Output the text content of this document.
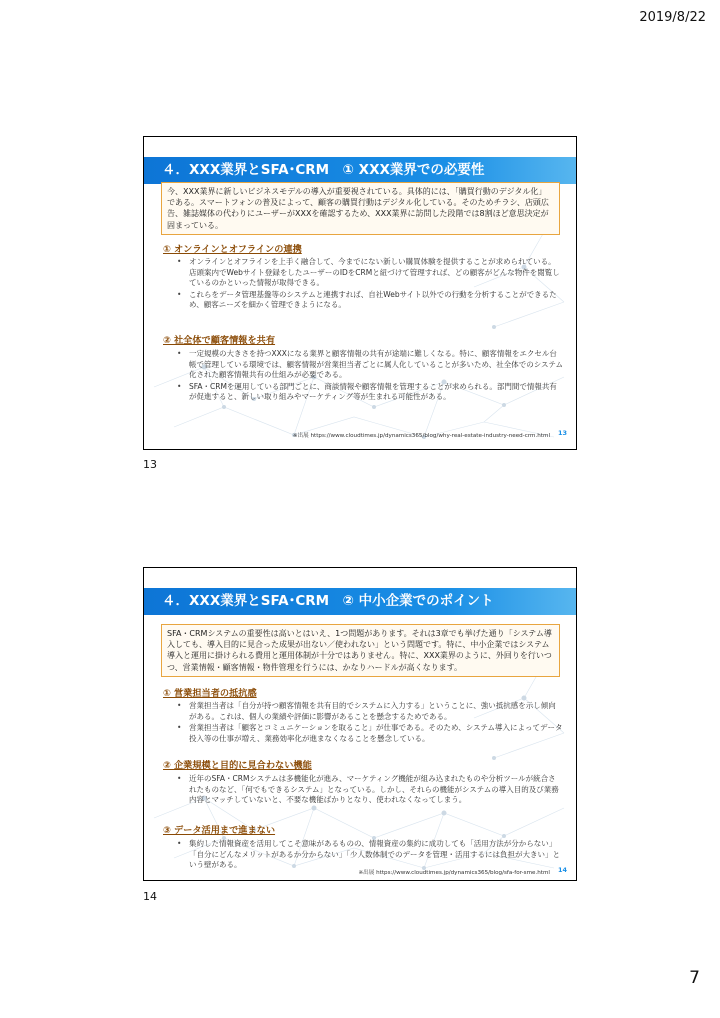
2019/8/22
４．XXX業界とSFA･CRM　① XXX業界での必要性
今、XXX業界に新しいビジネスモデルの導入が重要視されている。具体的には、「購買行動のデジタル化」である。スマートフォンの普及によって、顧客の購買行動はデジタル化している。そのためチラシ、店頭広告、雑誌媒体の代わりにユーザーがXXXを確認するため、XXX業界に訪問した段階では8割ほど意思決定が固まっている。
① オンラインとオフラインの連携
• オンラインとオフラインを上手く融合して、今までにない新しい購買体験を提供することが求められている。店頭案内でWebサイト登録をしたユーザーのIDをCRMと紐づけて管理すれば、どの顧客がどんな物件を閲覧しているのかといった情報が取得できる。
• これらをデータ管理基盤等のシステムと連携すれば、自社Webサイト以外での行動を分析することができるため、顧客ニーズを細かく管理できようになる。
② 社全体で顧客情報を共有
• 一定規模の大きさを持つXXXになる業界と顧客情報の共有が途端に難しくなる。特に、顧客情報をエクセル台帳で管理している環境では、顧客情報が営業担当者ごとに属人化していることが多いため、社全体でのシステム化された顧客情報共有の仕組みが必要である。
• SFA・CRMを運用している部門ごとに、商談情報や顧客情報を管理することが求められる。部門間で情報共有が促進すると、新しい取り組みやマーケティング等が生まれる可能性がある。
※出展 https://www.cloudtimes.jp/dynamics365/blog/why-real-estate-industry-need-crm.html 13
13
４．XXX業界とSFA･CRM　② 中小企業でのポイント
SFA・CRMシステムの重要性は高いとはいえ、1つ問題があります。それは3章でも挙げた通り「システム導入しても、導入目的に見合った成果が出ない／使われない」という問題です。特に、中小企業ではシステム導入と運用に掛けられる費用と運用体制が十分ではありません。特に、XXX業界のように、外回りを行いつつ、営業情報・顧客情報・物件管理を行うには、かなりハードルが高くなります。
① 営業担当者の抵抗感
• 営業担当者は「自分が持つ顧客情報を共有目的でシステムに入力する」ということに、強い抵抗感を示し傾向がある。これは、個人の業績や評価に影響があることを懸念するためである。
• 営業担当者は「顧客とコミュニケーションを取ること」が仕事である。そのため、システム導入によってデータ投入等の仕事が増え、業務効率化が進まなくなることを懸念している。
② 企業規模と目的に見合わない機能
• 近年のSFA・CRMシステムは多機能化が進み、マーケティング機能が組み込まれたものや分析ツールが統合されたものなど、「何でもできるシステム」となっている。しかし、それらの機能がシステムの導入目的及び業務内容とマッチしていないと、不要な機能ばかりとなり、使われなくなってしまう。
③ データ活用まで進まない
• 集約した情報資産を活用してこそ意味があるものの、情報資産の集約に成功しても「活用方法が分からない」「自分にどんなメリットがあるか分からない」「少人数体制でのデータを管理・活用するには負担が大きい」という壁がある。
※出展 https://www.cloudtimes.jp/dynamics365/blog/sfa-for-sme.html 14
14
7
